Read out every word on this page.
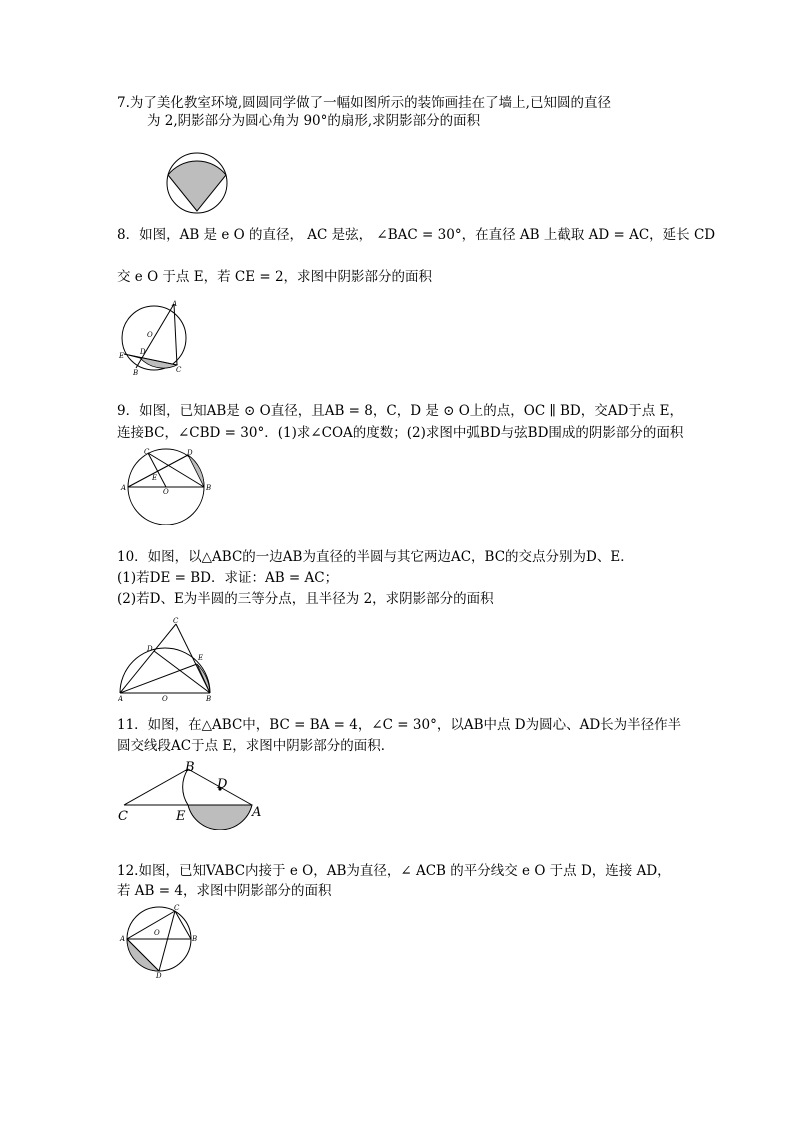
7.为了美化教室环境,圆圆同学做了一幅如图所示的装饰画挂在了墙上,已知圆的直径
为 2,阴影部分为圆心角为 90°的扇形,求阴影部分的面积
8．如图，AB 是 e O 的直径， AC 是弦， ∠BAC = 30°，在直径 AB 上截取 AD = AC，延长 CD
交 e O 于点 E，若 CE = 2，求图中阴影部分的面积
A
O
D
E
B	C
9．如图，已知AB是 ⊙ O直径，且AB = 8，C，D 是 ⊙ O上的点，OC ∥ BD，交AD于点 E，
连接BC，∠CBD = 30°．(1)求∠COA的度数；(2)求图中弧BD与弦BD围成的阴影部分的面积
C	D
A
E
O	B
10．如图，以△ABC的一边AB为直径的半圆与其它两边AC，BC的交点分别为D、E．
(1)若DE = BD．求证：AB = AC；
(2)若D、E为半圆的三等分点，且半径为 2，求阴影部分的面积
C
D
E
A	O	B
11．如图，在△ABC中，BC = BA = 4，∠C = 30°，以AB中点 D为圆心、AD长为半径作半
圆交线段AC于点 E，求图中阴影部分的面积．
B
D
C	E	A
12.如图，已知VABC内接于 e O，AB为直径，∠ ACB 的平分线交 e O 于点 D，连接 AD，
若 AB = 4，求图中阴影部分的面积
C
A
O
B
D
